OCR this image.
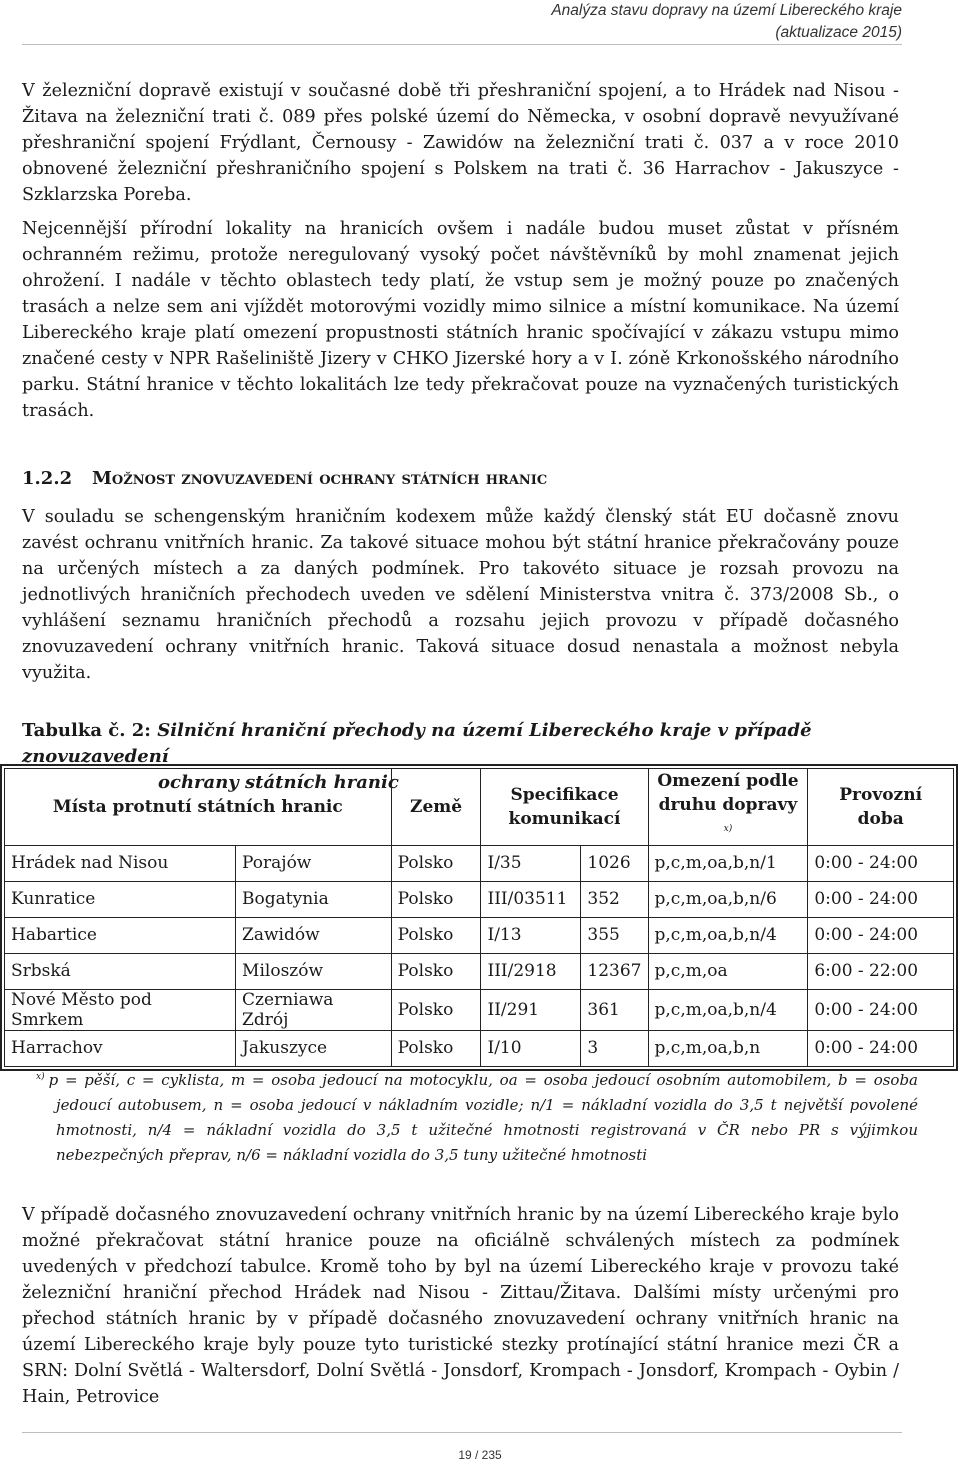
Analýza stavu dopravy na území Libereckého kraje
(aktualizace 2015)

V železniční dopravě existují v současné době tři přeshraniční spojení, a to Hrádek nad Nisou - Žitava na železniční trati č. 089 přes polské území do Německa, v osobní dopravě nevyužívané přeshraniční spojení Frýdlant, Černousy - Zawidów na železniční trati č. 037 a v roce 2010 obnovené železniční přeshraničního spojení s Polskem na trati č. 36 Harrachov - Jakuszyce - Szklarzska Poreba.

Nejcennější přírodní lokality na hranicích ovšem i nadále budou muset zůstat v přísném ochranném režimu, protože neregulovaný vysoký počet návštěvníků by mohl znamenat jejich ohrožení. I nadále v těchto oblastech tedy platí, že vstup sem je možný pouze po značených trasách a nelze sem ani vjíždět motorovými vozidly mimo silnice a místní komunikace. Na území Libereckého kraje platí omezení propustnosti státních hranic spočívající v zákazu vstupu mimo značené cesty v NPR Rašeliniště Jizery v CHKO Jizerské hory a v I. zóně Krkonošského národního parku. Státní hranice v těchto lokalitách lze tedy překračovat pouze na vyznačených turistických trasách.

1.2.2 Možnost znovuzavedení ochrany státních hranic

V souladu se schengenským hraničním kodexem může každý členský stát EU dočasně znovu zavést ochranu vnitřních hranic. Za takové situace mohou být státní hranice překračovány pouze na určených místech a za daných podmínek. Pro takovéto situace je rozsah provozu na jednotlivých hraničních přechodech uveden ve sdělení Ministerstva vnitra č. 373/2008 Sb., o vyhlášení seznamu hraničních přechodů a rozsahu jejich provozu v případě dočasného znovuzavedení ochrany vnitřních hranic. Taková situace dosud nenastala a možnost nebyla využita.

Tabulka č. 2: Silniční hraniční přechody na území Libereckého kraje v případě znovuzavedení
ochrany státních hranic

Místa protnutí státních hranic		Země	Specifikace komunikací		Omezení podle druhu dopravy $^{x)}$	Provozní doba
Hrádek nad Nisou	Porajów	Polsko	I/35	1026	p,c,m,oa,b,n/1	0:00 - 24:00
Kunratice	Bogatynia	Polsko	III/03511	352	p,c,m,oa,b,n/6	0:00 - 24:00
Habartice	Zawidów	Polsko	I/13	355	p,c,m,oa,b,n/4	0:00 - 24:00
Srbská	Miloszów	Polsko	III/2918	12367	p,c,m,oa	6:00 - 22:00
Nové Město pod Smrkem	Czerniawa Zdrój	Polsko	II/291	361	p,c,m,oa,b,n/4	0:00 - 24:00
Harrachov	Jakuszyce	Polsko	I/10	3	p,c,m,oa,b,n	0:00 - 24:00

$^{x)}$ p = pěší, c = cyklista, m = osoba jedoucí na motocyklu, oa = osoba jedoucí osobním automobilem, b = osoba jedoucí autobusem, n = osoba jedoucí v nákladním vozidle; n/1 = nákladní vozidla do 3,5 t největší povolené hmotnosti, n/4 = nákladní vozidla do 3,5 t užitečné hmotnosti registrovaná v ČR nebo PR s výjimkou nebezpečných přeprav, n/6 = nákladní vozidla do 3,5 tuny užitečné hmotnosti

V případě dočasného znovuzavedení ochrany vnitřních hranic by na území Libereckého kraje bylo možné překračovat státní hranice pouze na oficiálně schválených místech za podmínek uvedených v předchozí tabulce. Kromě toho by byl na území Libereckého kraje v provozu také železniční hraniční přechod Hrádek nad Nisou - Zittau/Žitava. Dalšími místy určenými pro přechod státních hranic by v případě dočasného znovuzavedení ochrany vnitřních hranic na území Libereckého kraje byly pouze tyto turistické stezky protínající státní hranice mezi ČR a SRN: Dolní Světlá - Waltersdorf, Dolní Světlá - Jonsdorf, Krompach - Jonsdorf, Krompach - Oybin / Hain, Petrovice

19 / 235
